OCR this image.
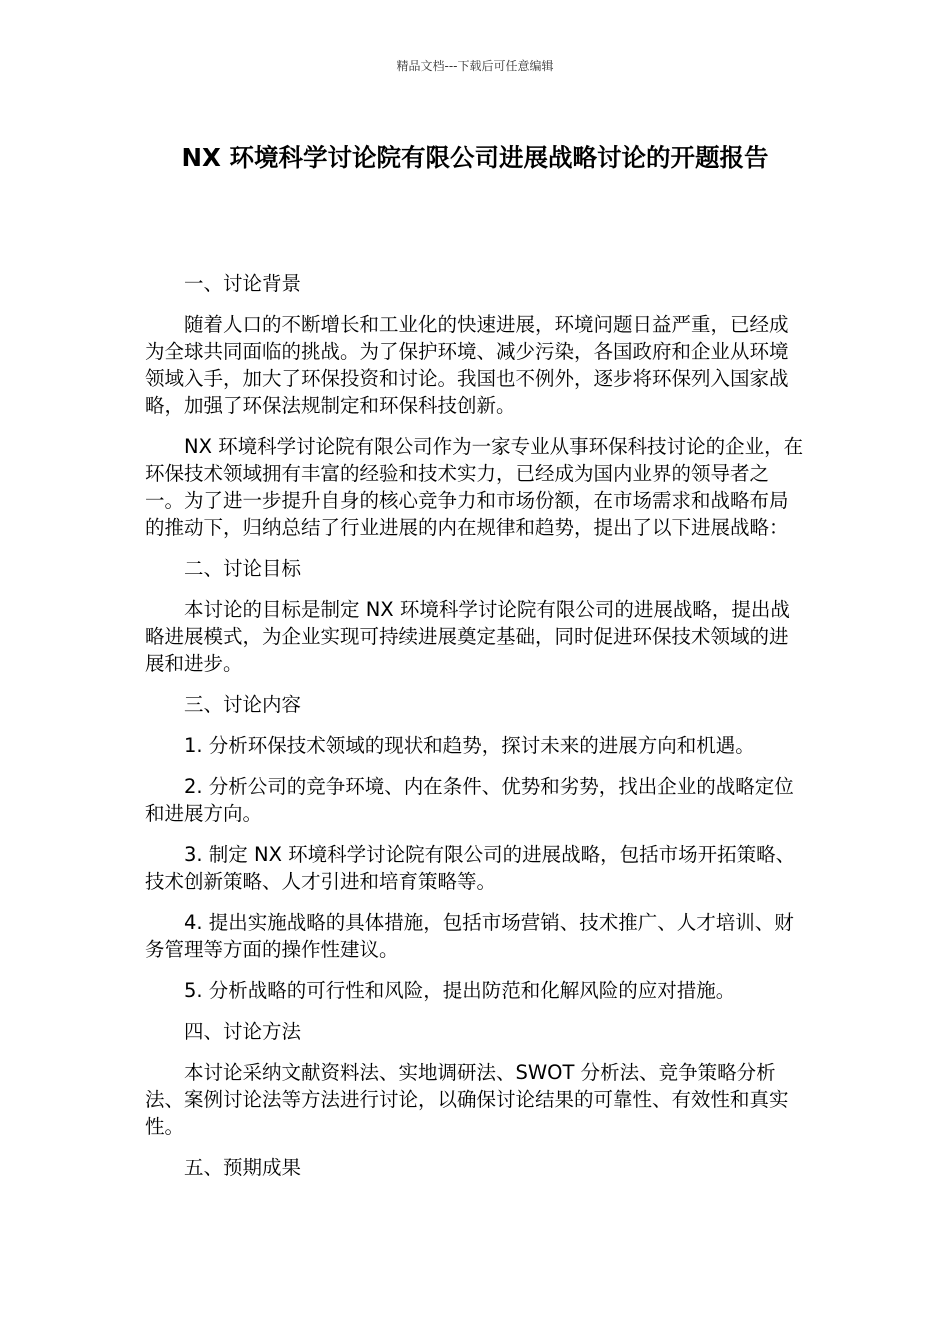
精品文档---下载后可任意编辑
NX 环境科学讨论院有限公司进展战略讨论的开题报告

一、讨论背景

随着人口的不断增长和工业化的快速进展，环境问题日益严重，已经成为全球共同面临的挑战。为了保护环境、减少污染，各国政府和企业从环境领域入手，加大了环保投资和讨论。我国也不例外，逐步将环保列入国家战略，加强了环保法规制定和环保科技创新。

NX 环境科学讨论院有限公司作为一家专业从事环保科技讨论的企业，在环保技术领域拥有丰富的经验和技术实力，已经成为国内业界的领导者之一。为了进一步提升自身的核心竞争力和市场份额，在市场需求和战略布局的推动下，归纳总结了行业进展的内在规律和趋势，提出了以下进展战略：

二、讨论目标

本讨论的目标是制定 NX 环境科学讨论院有限公司的进展战略，提出战略进展模式，为企业实现可持续进展奠定基础，同时促进环保技术领域的进展和进步。

三、讨论内容

1. 分析环保技术领域的现状和趋势，探讨未来的进展方向和机遇。

2. 分析公司的竞争环境、内在条件、优势和劣势，找出企业的战略定位和进展方向。

3. 制定 NX 环境科学讨论院有限公司的进展战略，包括市场开拓策略、技术创新策略、人才引进和培育策略等。

4. 提出实施战略的具体措施，包括市场营销、技术推广、人才培训、财务管理等方面的操作性建议。

5. 分析战略的可行性和风险，提出防范和化解风险的应对措施。

四、讨论方法

本讨论采纳文献资料法、实地调研法、SWOT 分析法、竞争策略分析法、案例讨论法等方法进行讨论，以确保讨论结果的可靠性、有效性和真实性。

五、预期成果
